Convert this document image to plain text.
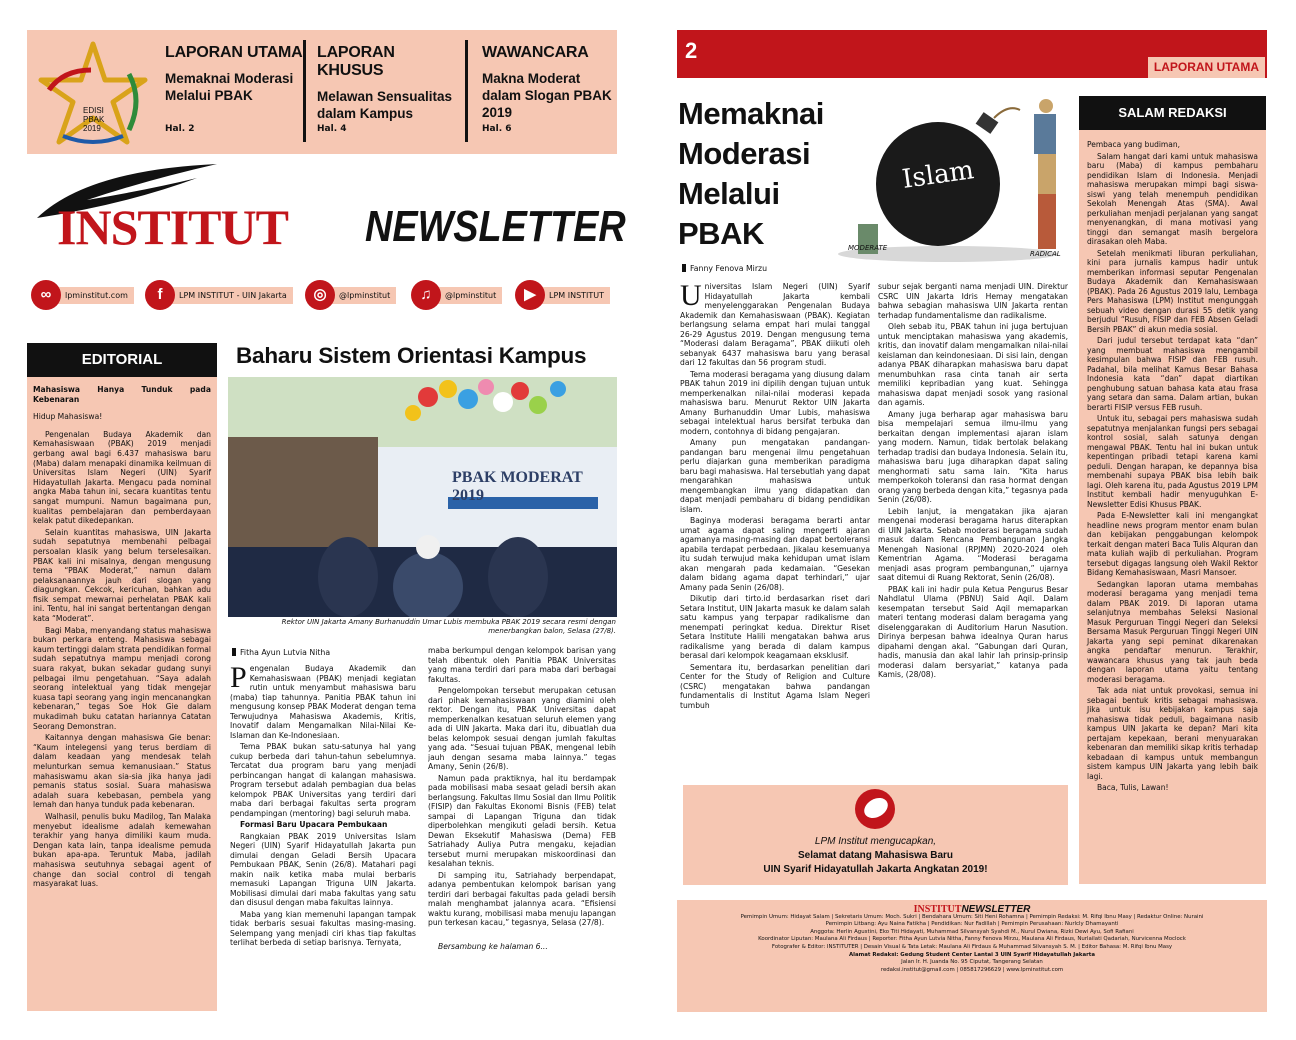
EDISI
PBAK
2019
LAPORAN UTAMA
Memaknai Moderasi Melalui PBAK
Hal. 2
LAPORAN KHUSUS
Melawan Sensualitas dalam Kampus
Hal. 4
WAWANCARA
Makna Moderat dalam Slogan PBAK 2019
Hal. 6
INSTITUT NEWSLETTER
lpminstitut.com
∞	LPM INSTITUT - UIN Jakarta
f	@lpminstitut
◎	@lpminstitut
♫	LPM INSTITUT
▶
EDITORIAL

Mahasiswa Hanya Tunduk pada Kebenaran

Hidup Mahasiswa!

Pengenalan Budaya Akademik dan Kemahasiswaan (PBAK) 2019 menjadi gerbang awal bagi 6.437 mahasiswa baru (Maba) dalam menapaki dinamika keilmuan di Universitas Islam Negeri (UIN) Syarif Hidayatullah Jakarta. Mengacu pada nominal angka Maba tahun ini, secara kuantitas tentu sangat mumpuni. Namun bagaimana pun, kualitas pembelajaran dan pemberdayaan kelak patut dikedepankan.

Selain kuantitas mahasiswa, UIN Jakarta sudah sepatutnya membenahi pelbagai persoalan klasik yang belum terselesaikan. PBAK kali ini misalnya, dengan mengusung tema “PBAK Moderat,” namun dalam pelaksanaannya jauh dari slogan yang diagungkan. Cekcok, kericuhan, bahkan adu fisik sempat mewarnai perhelatan PBAK kali ini. Tentu, hal ini sangat bertentangan dengan kata “Moderat”.

Bagi Maba, menyandang status mahasiswa bukan perkara enteng. Mahasiswa sebagai kaum tertinggi dalam strata pendidikan formal sudah sepatutnya mampu menjadi corong suara rakyat, bukan sekadar gudang sunyi pelbagai ilmu pengetahuan. “Saya adalah seorang intelektual yang tidak mengejar kuasa tapi seorang yang ingin mencanangkan kebenaran,” tegas Soe Hok Gie dalam mukadimah buku catatan hariannya Catatan Seorang Demonstran.

Kaitannya dengan mahasiswa Gie benar: “Kaum intelegensi yang terus berdiam di dalam keadaan yang mendesak telah melunturkan semua kemanusiaan.” Status mahasiswamu akan sia-sia jika hanya jadi pemanis status sosial. Suara mahasiswa adalah suara kebebasan, pembela yang lemah dan hanya tunduk pada kebenaran.

Walhasil, penulis buku Madilog, Tan Malaka menyebut idealisme adalah kemewahan terakhir yang hanya dimiliki kaum muda. Dengan kata lain, tanpa idealisme pemuda bukan apa-apa. Teruntuk Maba, jadilah mahasiswa seutuhnya sebagai agent of change dan social control di tengah masyarakat luas.

Baharu Sistem Orientasi Kampus
PBAK MODERAT 2019
Rektor UIN Jakarta Amany Burhanuddin Umar Lubis membuka PBAK 2019 secara resmi dengan menerbangkan balon, Selasa (27/8).
Fitha Ayun Lutvia Nitha

Pengenalan Budaya Akademik dan Kemahasiswaan (PBAK) menjadi kegiatan rutin untuk menyambut mahasiswa baru (maba) tiap tahunnya. Panitia PBAK tahun ini mengusung konsep PBAK Moderat dengan tema Terwujudnya Mahasiswa Akademis, Kritis, Inovatif dalam Mengamalkan Nilai-Nilai Ke-Islaman dan Ke-Indonesiaan.

Tema PBAK bukan satu-satunya hal yang cukup berbeda dari tahun-tahun sebelumnya. Tercatat dua program baru yang menjadi perbincangan hangat di kalangan mahasiswa. Program tersebut adalah pembagian dua belas kelompok PBAK Universitas yang terdiri dari maba dari berbagai fakultas serta program pendampingan (mentoring) bagi seluruh maba.

Formasi Baru Upacara Pembukaan

Rangkaian PBAK 2019 Universitas Islam Negeri (UIN) Syarif Hidayatullah Jakarta pun dimulai dengan Geladi Bersih Upacara Pembukaan PBAK, Senin (26/8). Matahari pagi makin naik ketika maba mulai berbaris memasuki Lapangan Triguna UIN Jakarta. Mobilisasi dimulai dari maba fakultas yang satu dan disusul dengan maba fakultas lainnya.

Maba yang kian memenuhi lapangan tampak tidak berbaris sesuai fakultas masing-masing. Selempang yang menjadi ciri khas tiap fakultas terlihat berbeda di setiap barisnya. Ternyata,

maba berkumpul dengan kelompok barisan yang telah dibentuk oleh Panitia PBAK Universitas yang mana terdiri dari para maba dari berbagai fakultas.

Pengelompokan tersebut merupakan cetusan dari pihak kemahasiswaan yang diamini oleh rektor. Dengan itu, PBAK Universitas dapat memperkenalkan kesatuan seluruh elemen yang ada di UIN Jakarta. Maka dari itu, dibuatlah dua belas kelompok sesuai dengan jumlah fakultas yang ada. “Sesuai tujuan PBAK, mengenal lebih jauh dengan sesama maba lainnya.” tegas Amany, Senin (26/8).

Namun pada praktiknya, hal itu berdampak pada mobilisasi maba sesaat geladi bersih akan berlangsung. Fakultas Ilmu Sosial dan Ilmu Politik (FISIP) dan Fakultas Ekonomi Bisnis (FEB) telat sampai di Lapangan Triguna dan tidak diperbolehkan mengikuti geladi bersih. Ketua Dewan Eksekutif Mahasiswa (Dema) FEB Satriahady Auliya Putra mengaku, kejadian tersebut murni merupakan miskoordinasi dan kesalahan teknis.

Di samping itu, Satriahady berpendapat, adanya pembentukan kelompok barisan yang terdiri dari berbagai fakultas pada geladi bersih malah menghambat jalannya acara. “Efisiensi waktu kurang, mobilisasi maba menuju lapangan pun terkesan kacau,” tegasnya, Selasa (27/8).

Bersambung ke halaman 6...

2
LAPORAN UTAMA
Memaknai Moderasi Melalui PBAK
Islam
MODERATE
RADICAL
Fanny Fenova Mirzu

Universitas Islam Negeri (UIN) Syarif Hidayatullah Jakarta kembali menyelenggarakan Pengenalan Budaya Akademik dan Kemahasiswaan (PBAK). Kegiatan berlangsung selama empat hari mulai tanggal 26-29 Agustus 2019. Dengan mengusung tema “Moderasi dalam Beragama”, PBAK diikuti oleh sebanyak 6437 mahasiswa baru yang berasal dari 12 fakultas dan 56 program studi.

Tema moderasi beragama yang diusung dalam PBAK tahun 2019 ini dipilih dengan tujuan untuk memperkenalkan nilai-nilai moderasi kepada mahasiswa baru. Menurut Rektor UIN Jakarta Amany Burhanuddin Umar Lubis, mahasiswa sebagai intelektual harus bersifat terbuka dan modern, contohnya di bidang pengajaran.

Amany pun mengatakan pandangan-pandangan baru mengenai ilmu pengetahuan perlu diajarkan guna memberikan paradigma baru bagi mahasiswa. Hal tersebutlah yang dapat mengarahkan mahasiswa untuk mengembangkan ilmu yang didapatkan dan dapat menjadi pembaharu di bidang pendidikan islam.

Baginya moderasi beragama berarti antar umat agama dapat saling mengerti ajaran agamanya masing-masing dan dapat bertoleransi apabila terdapat perbedaan. Jikalau kesemuanya itu sudah terwujud maka kehidupan umat islam akan mengarah pada kedamaian. “Gesekan dalam bidang agama dapat terhindari,” ujar Amany pada Senin (26/08).

Dikutip dari tirto.id berdasarkan riset dari Setara Institut, UIN Jakarta masuk ke dalam salah satu kampus yang terpapar radikalisme dan menempati peringkat kedua. Direktur Riset Setara Institute Halili mengatakan bahwa arus radikalisme yang berada di dalam kampus berasal dari kelompok keagamaan eksklusif.

Sementara itu, berdasarkan penelitian dari Center for the Study of Religion and Culture (CSRC) mengatakan bahwa pandangan fundamentalis di Institut Agama Islam Negeri tumbuh

subur sejak berganti nama menjadi UIN. Direktur CSRC UIN Jakarta Idris Hemay mengatakan bahwa sebagian mahasiswa UIN Jakarta rentan terhadap fundamentalisme dan radikalisme.

Oleh sebab itu, PBAK tahun ini juga bertujuan untuk menciptakan mahasiswa yang akademis, kritis, dan inovatif dalam mengamalkan nilai-nilai keislaman dan keindonesiaan. Di sisi lain, dengan adanya PBAK diharapkan mahasiswa baru dapat menumbuhkan rasa cinta tanah air serta memiliki kepribadian yang kuat. Sehingga mahasiswa dapat menjadi sosok yang rasional dan agamis.

Amany juga berharap agar mahasiswa baru bisa mempelajari semua ilmu-ilmu yang berkaitan dengan implementasi ajaran islam yang modern. Namun, tidak bertolak belakang terhadap tradisi dan budaya Indonesia. Selain itu, mahasiswa baru juga diharapkan dapat saling menghormati satu sama lain. “Kita harus memperkokoh toleransi dan rasa hormat dengan orang yang berbeda dengan kita,” tegasnya pada Senin (26/08).

Lebih lanjut, ia mengatakan jika ajaran mengenai moderasi beragama harus diterapkan di UIN Jakarta. Sebab moderasi beragama sudah masuk dalam Rencana Pembangunan Jangka Menengah Nasional (RPJMN) 2020-2024 oleh Kementrian Agama. “Moderasi beragama menjadi asas program pembangunan,” ujarnya saat ditemui di Ruang Rektorat, Senin (26/08).

PBAK kali ini hadir pula Ketua Pengurus Besar Nahdlatul Ulama (PBNU) Said Aqil. Dalam kesempatan tersebut Said Aqil memaparkan materi tentang moderasi dalam beragama yang diselenggarakan di Auditorium Harun Nasution. Dirinya berpesan bahwa idealnya Quran harus dipahami dengan akal. “Gabungan dari Quran, hadis, manusia dan akal lahir lah prinsip-prinsip moderasi dalam bersyariat,” katanya pada Kamis, (28/08).

SALAM REDAKSI

Pembaca yang budiman,

Salam hangat dari kami untuk mahasiswa baru (Maba) di kampus pembaharu pendidikan Islam di Indonesia. Menjadi mahasiswa merupakan mimpi bagi siswa-siswi yang telah menempuh pendidikan Sekolah Menengah Atas (SMA). Awal perkuliahan menjadi perjalanan yang sangat menyenangkan, di mana motivasi yang tinggi dan semangat masih bergelora dirasakan oleh Maba.

Setelah menikmati liburan perkuliahan, kini para jurnalis kampus hadir untuk memberikan informasi seputar Pengenalan Budaya Akademik dan Kemahasiswaan (PBAK). Pada 26 Agustus 2019 lalu, Lembaga Pers Mahasiswa (LPM) Institut mengunggah sebuah video dengan durasi 55 detik yang berjudul “Rusuh, FISIP dan FEB Absen Geladi Bersih PBAK” di akun media sosial.

Dari judul tersebut terdapat kata “dan” yang membuat mahasiswa mengambil kesimpulan bahwa FISIP dan FEB rusuh. Padahal, bila melihat Kamus Besar Bahasa Indonesia kata “dan” dapat diartikan penghubung satuan bahasa kata atau frasa yang setara dan sama. Dalam artian, bukan berarti FISIP versus FEB rusuh.

Untuk itu, sebagai pers mahasiswa sudah sepatutnya menjalankan fungsi pers sebagai kontrol sosial, salah satunya dengan mengawal PBAK. Tentu hal ini bukan untuk kepentingan pribadi tetapi karena kami peduli. Dengan harapan, ke depannya bisa membenahi supaya PBAK bisa lebih baik lagi. Oleh karena itu, pada Agustus 2019 LPM Institut kembali hadir menyuguhkan E-Newsletter Edisi Khusus PBAK.

Pada E-Newsletter kali ini mengangkat headline news program mentor enam bulan dan kebijakan penggabungan kelompok terkait dengan materi Baca Tulis Alquran dan mata kuliah wajib di perkuliahan. Program tersebut digagas langsung oleh Wakil Rektor Bidang Kemahasiswaan, Masri Mansoer.

Sedangkan laporan utama membahas moderasi beragama yang menjadi tema dalam PBAK 2019. Di laporan utama selanjutnya membahas Seleksi Nasional Masuk Perguruan Tinggi Negeri dan Seleksi Bersama Masuk Perguruan Tinggi Negeri UIN Jakarta yang sepi peminat dikarenakan angka pendaftar menurun. Terakhir, wawancara khusus yang tak jauh beda dengan laporan utama yaitu tentang moderasi beragama.

Tak ada niat untuk provokasi, semua ini sebagai bentuk kritis sebagai mahasiswa. Jika untuk isu kebijakan kampus saja mahasiswa tidak peduli, bagaimana nasib kampus UIN Jakarta ke depan? Mari kita pertajam kepekaan, berani menyuarakan kebenaran dan memiliki sikap kritis terhadap kebadaan di kampus untuk membangun sistem kampus UIN Jakarta yang lebih baik lagi.

Baca, Tulis, Lawan!

LPM Institut mengucapkan,
Selamat datang Mahasiswa Baru
UIN Syarif Hidayatullah Jakarta Angkatan 2019!
INSTITUTNEWSLETTER
Pemimpin Umum: Hidayat Salam | Sekretaris Umum: Moch. Sukri | Bendahara Umum: Siti Heni Rohamna | Pemimpin Redaksi: M. Rifqi Ibnu Masy | Redaktur Online: Nuraini
Pemimpin Litbang: Ayu Naina Fatikha | Pendidikan: Nur Fadillah | Pemimpin Perusahaan: Nurlcly Dhamayanti
Anggota: Herlin Agustini, Eko Titi Hidayati, Muhammad Silvansyah Syahdi M., Nurul Dwiana, Rizki Dewi Ayu, Sofi Rafiani
Koordinator Liputan: Maulana Ali Firdaus | Reporter: Fitha Ayun Lutvia Nitha, Fanny Fenova Mirzu, Maulana Ali Firdaus, Nurlailati Qadariah, Nurvicenna Moclock
Fotografer & Editor: INSTITUTER | Desain Visual & Tata Letak: Maulana Ali Firdaus & Muhammad Silvansyah S. M. | Editor Bahasa: M. Rifqi Ibnu Masy
Alamat Redaksi: Gedung Student Center Lantai 3 UIN Syarif Hidayatullah Jakarta
Jalan Ir. H. Juanda No. 95 Ciputat, Tangerang Selatan
redaksi.institut@gmail.com | 085817296629 | www.lpminstitut.com
